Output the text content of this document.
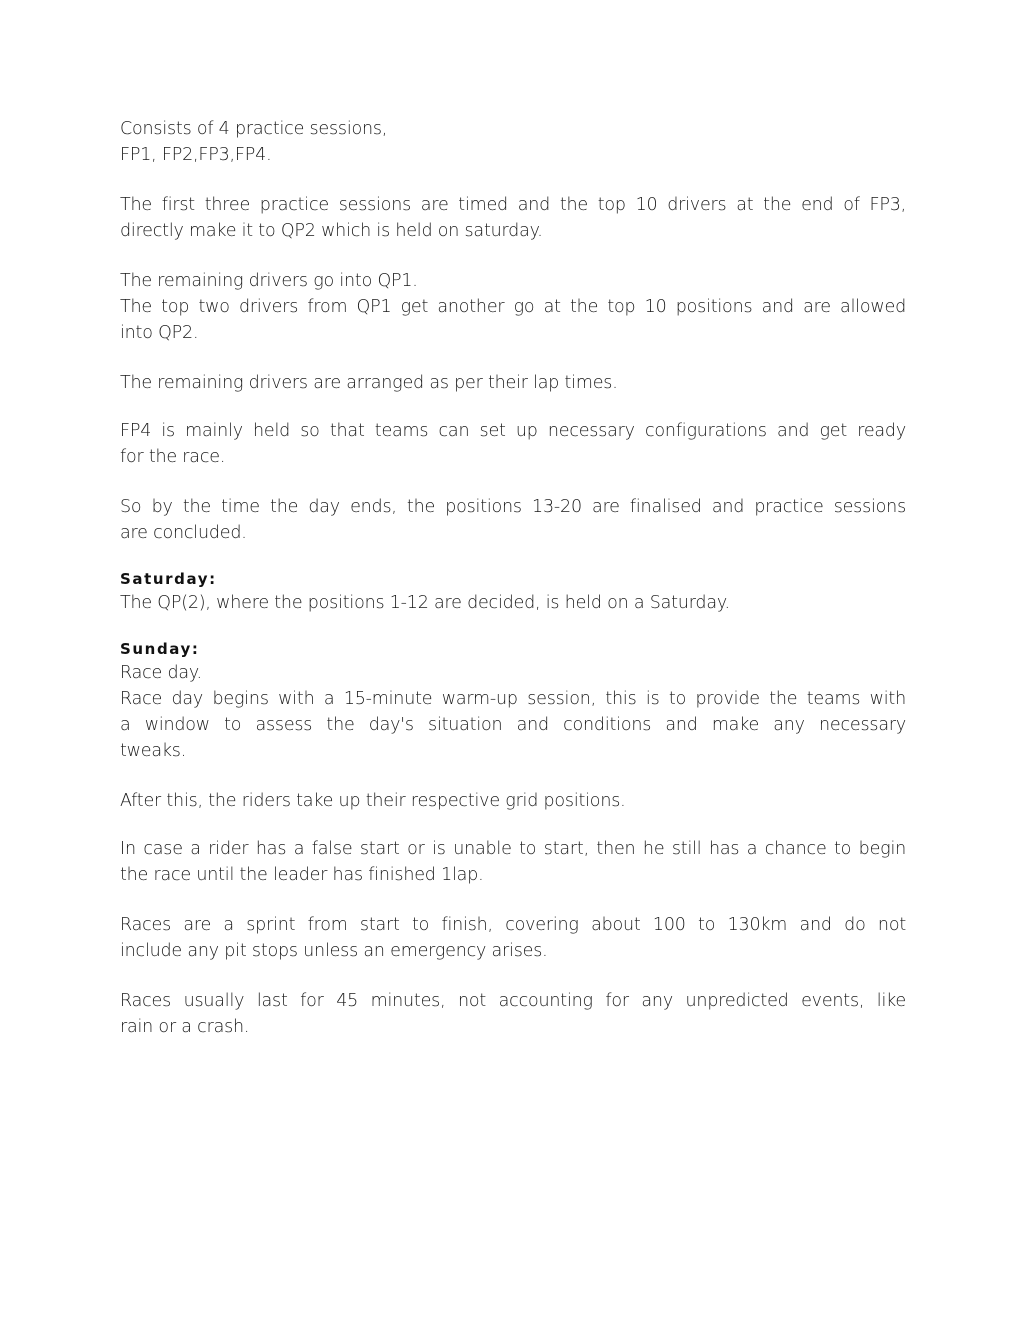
Consists of 4 practice sessions,
FP1, FP2,FP3,FP4.
The first three practice sessions are timed and the top 10 drivers at the end of FP3,
directly make it to QP2 which is held on saturday.
The remaining drivers go into QP1.
The top two drivers from QP1 get another go at the top 10 positions and are allowed
into QP2.
The remaining drivers are arranged as per their lap times.
FP4 is mainly held so that teams can set up necessary configurations and get ready
for the race.
So by the time the day ends, the positions 13-20 are finalised and practice sessions
are concluded.
Saturday:
The QP(2), where the positions 1-12 are decided, is held on a Saturday.
Sunday:
Race day.
Race day begins with a 15-minute warm-up session, this is to provide the teams with
a window to assess the day's situation and conditions and make any necessary
tweaks.
After this, the riders take up their respective grid positions.
In case a rider has a false start or is unable to start, then he still has a chance to begin
the race until the leader has finished 1lap.
Races are a sprint from start to finish, covering about 100 to 130km and do not
include any pit stops unless an emergency arises.
Races usually last for 45 minutes, not accounting for any unpredicted events, like
rain or a crash.
